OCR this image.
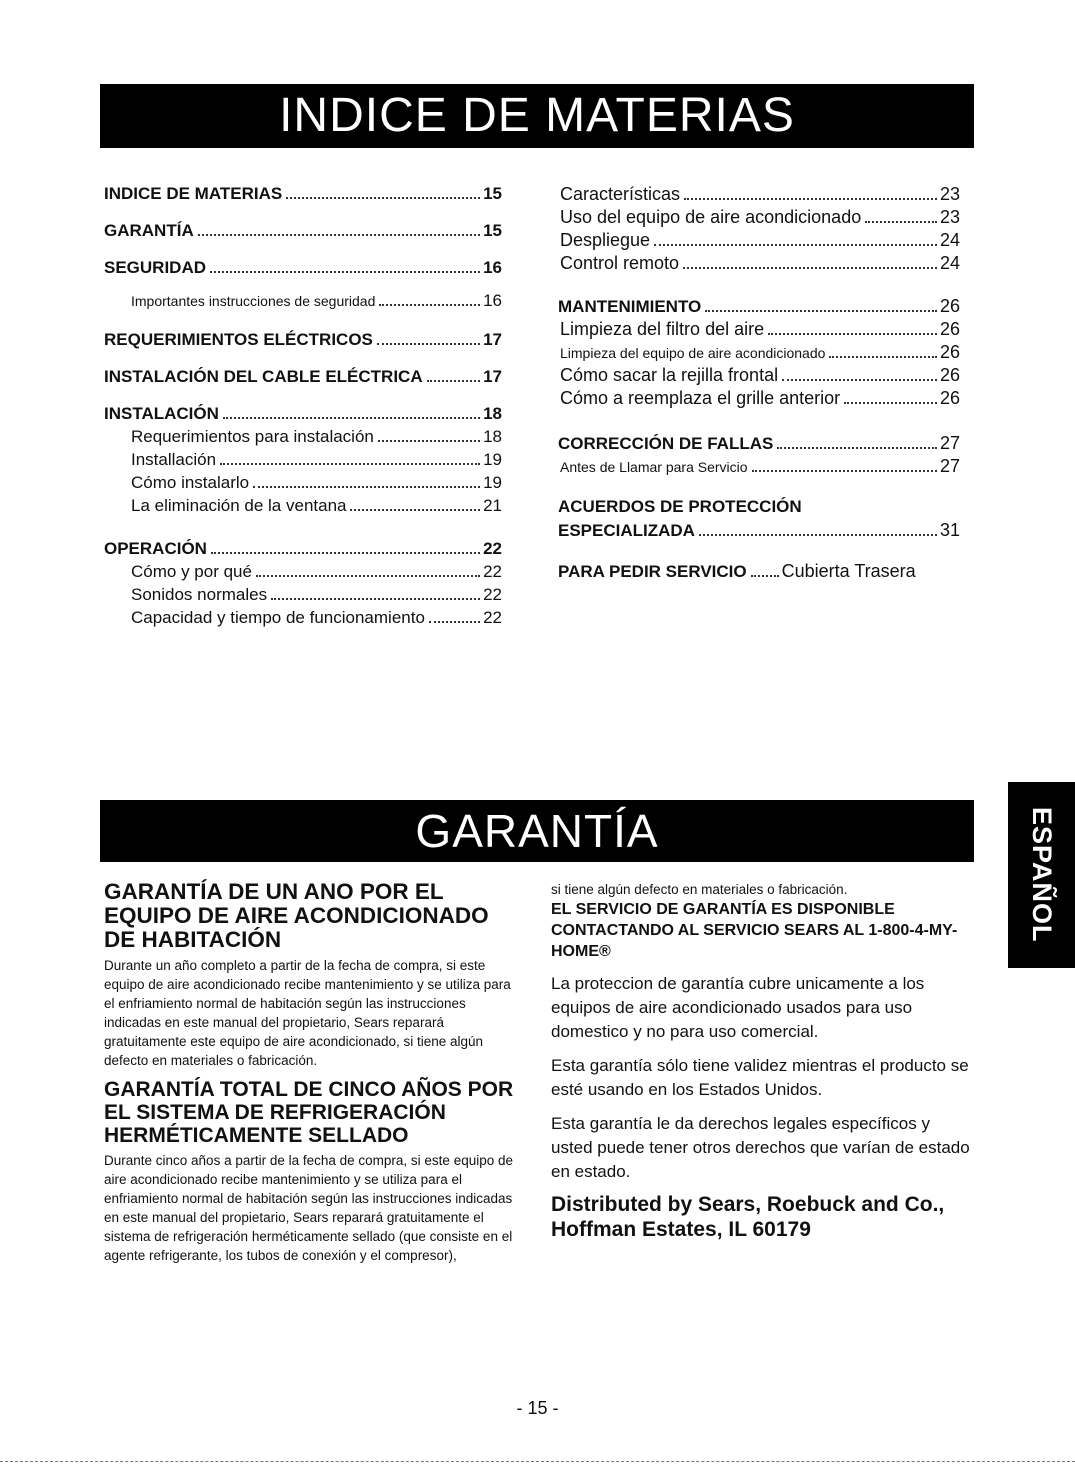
INDICE DE MATERIAS
INDICE DE MATERIAS	15
GARANTÍA	15
SEGURIDAD	16
Importantes instrucciones de seguridad	16
REQUERIMIENTOS ELÉCTRICOS	17
INSTALACIÓN DEL CABLE ELÉCTRICA	17
INSTALACIÓN	18
Requerimientos para instalación	18
Installación	19
Cómo instalarlo	19
La eliminación de la ventana	21
OPERACIÓN	22
Cómo y por qué	22
Sonidos normales	22
Capacidad y tiempo de funcionamiento	22
Características	23
Uso del equipo de aire acondicionado	23
Despliegue	24
Control remoto	24
MANTENIMIENTO	26
Limpieza del filtro del aire	26
Limpieza del equipo de aire acondicionado	26
Cómo sacar la rejilla frontal	26
Cómo a reemplaza el grille anterior	26
CORRECCIÓN DE FALLAS	27
Antes de Llamar para Servicio	27
ACUERDOS DE PROTECCIÓN
ESPECIALIZADA	31
PARA PEDIR SERVICIO Cubierta Trasera
GARANTÍA	ESPAÑOL
GARANTÍA DE UN ANO POR EL EQUIPO DE AIRE ACONDICIONADO DE HABITACIÓN

Durante un año completo a partir de la fecha de compra, si este equipo de aire acondicionado recibe mantenimiento y se utiliza para el enfriamiento normal de habitación según las instrucciones indicadas en este manual del propietario, Sears reparará gratuitamente este equipo de aire acondicionado, si tiene algún defecto en materiales o fabricación.

GARANTÍA TOTAL DE CINCO AÑOS POR EL SISTEMA DE REFRIGERACIÓN HERMÉTICAMENTE SELLADO

Durante cinco años a partir de la fecha de compra, si este equipo de aire acondicionado recibe mantenimiento y se utiliza para el enfriamiento normal de habitación según las instrucciones indicadas en este manual del propietario, Sears reparará gratuitamente el sistema de refrigeración herméticamente sellado (que consiste en el agente refrigerante, los tubos de conexión y el compresor),

si tiene algún defecto en materiales o fabricación.

EL SERVICIO DE GARANTÍA ES DISPONIBLE CONTACTANDO AL SERVICIO SEARS AL 1-800-4-MY-HOME®

La proteccion de garantía cubre unicamente a los equipos de aire acondicionado usados para uso domestico y no para uso comercial.

Esta garantía sólo tiene validez mientras el producto se esté usando en los Estados Unidos.

Esta garantía le da derechos legales específicos y usted puede tener otros derechos que varían de estado en estado.

Distributed by Sears, Roebuck and Co., Hoffman Estates, IL 60179

- 15 -
